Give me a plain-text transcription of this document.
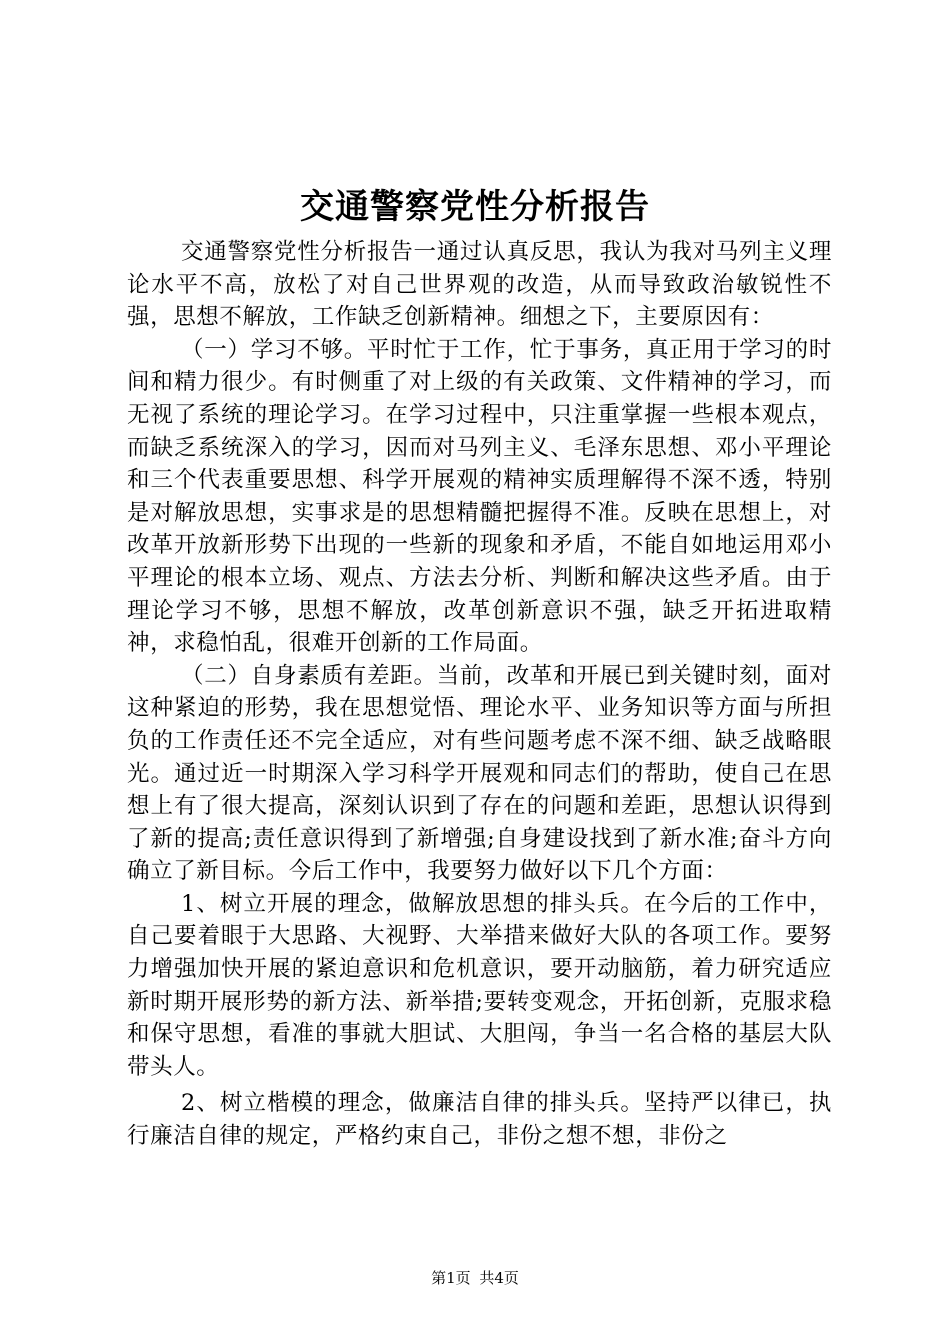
交通警察党性分析报告

交通警察党性分析报告一通过认真反思，我认为我对马列主义理论水平不高，放松了对自己世界观的改造，从而导致政治敏锐性不强，思想不解放，工作缺乏创新精神。细想之下，主要原因有：

（一）学习不够。平时忙于工作，忙于事务，真正用于学习的时间和精力很少。有时侧重了对上级的有关政策、文件精神的学习，而无视了系统的理论学习。在学习过程中，只注重掌握一些根本观点，而缺乏系统深入的学习，因而对马列主义、毛泽东思想、邓小平理论和三个代表重要思想、科学开展观的精神实质理解得不深不透，特别是对解放思想，实事求是的思想精髓把握得不准。反映在思想上，对改革开放新形势下出现的一些新的现象和矛盾，不能自如地运用邓小平理论的根本立场、观点、方法去分析、判断和解决这些矛盾。由于理论学习不够，思想不解放，改革创新意识不强，缺乏开拓进取精神，求稳怕乱，很难开创新的工作局面。

（二）自身素质有差距。当前，改革和开展已到关键时刻，面对这种紧迫的形势，我在思想觉悟、理论水平、业务知识等方面与所担负的工作责任还不完全适应，对有些问题考虑不深不细、缺乏战略眼光。通过近一时期深入学习科学开展观和同志们的帮助，使自己在思想上有了很大提高，深刻认识到了存在的问题和差距，思想认识得到了新的提高;责任意识得到了新增强;自身建设找到了新水准;奋斗方向确立了新目标。今后工作中，我要努力做好以下几个方面：

1、树立开展的理念，做解放思想的排头兵。在今后的工作中，自己要着眼于大思路、大视野、大举措来做好大队的各项工作。要努力增强加快开展的紧迫意识和危机意识，要开动脑筋，着力研究适应新时期开展形势的新方法、新举措;要转变观念，开拓创新，克服求稳和保守思想，看准的事就大胆试、大胆闯，争当一名合格的基层大队带头人。

2、树立楷模的理念，做廉洁自律的排头兵。坚持严以律已，执行廉洁自律的规定，严格约束自己，非份之想不想，非份之

第1页 共4页
